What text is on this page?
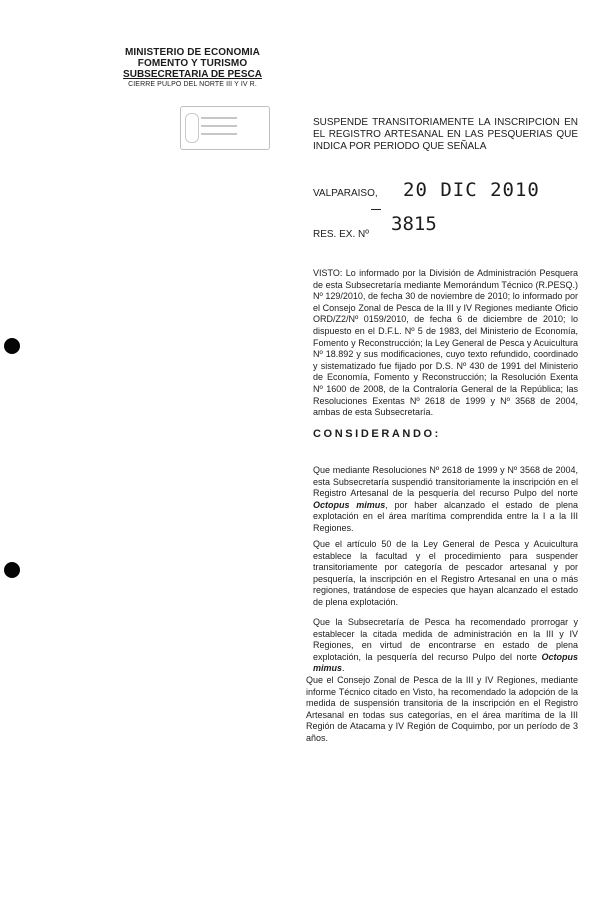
MINISTERIO DE ECONOMIA
FOMENTO Y TURISMO
SUBSECRETARIA DE PESCA
CIERRE PULPO DEL NORTE III Y IV R.
SUSPENDE TRANSITORIAMENTE LA INSCRIPCION EN EL REGISTRO ARTESANAL EN LAS PESQUERIAS QUE INDICA POR PERIODO QUE SEÑALA
VALPARAISO, 20 DIC 2010
RES. EX. Nº 3815
VISTO: Lo informado por la División de Administración Pesquera de esta Subsecretaría mediante Memorándum Técnico (R.PESQ.) Nº 129/2010, de fecha 30 de noviembre de 2010; lo informado por el Consejo Zonal de Pesca de la III y IV Regiones mediante Oficio ORD/Z2/Nº 0159/2010, de fecha 6 de diciembre de 2010; lo dispuesto en el D.F.L. Nº 5 de 1983, del Ministerio de Economía, Fomento y Reconstrucción; la Ley General de Pesca y Acuicultura Nº 18.892 y sus modificaciones, cuyo texto refundido, coordinado y sistematizado fue fijado por D.S. Nº 430 de 1991 del Ministerio de Economía, Fomento y Reconstrucción; la Resolución Exenta Nº 1600 de 2008, de la Contraloría General de la República; las Resoluciones Exentas Nº 2618 de 1999 y Nº 3568 de 2004, ambas de esta Subsecretaría.
CONSIDERANDO:
Que mediante Resoluciones Nº 2618 de 1999 y Nº 3568 de 2004, esta Subsecretaría suspendió transitoriamente la inscripción en el Registro Artesanal de la pesquería del recurso Pulpo del norte Octopus mimus, por haber alcanzado el estado de plena explotación en el área marítima comprendida entre la I a la III Regiones.
Que el artículo 50 de la Ley General de Pesca y Acuicultura establece la facultad y el procedimiento para suspender transitoriamente por categoría de pescador artesanal y por pesquería, la inscripción en el Registro Artesanal en una o más regiones, tratándose de especies que hayan alcanzado el estado de plena explotación.
Que la Subsecretaría de Pesca ha recomendado prorrogar y establecer la citada medida de administración en la III y IV Regiones, en virtud de encontrarse en estado de plena explotación, la pesquería del recurso Pulpo del norte Octopus mimus.
Que el Consejo Zonal de Pesca de la III y IV Regiones, mediante informe Técnico citado en Visto, ha recomendado la adopción de la medida de suspensión transitoria de la inscripción en el Registro Artesanal en todas sus categorías, en el área marítima de la III Región de Atacama y IV Región de Coquimbo, por un período de 3 años.
